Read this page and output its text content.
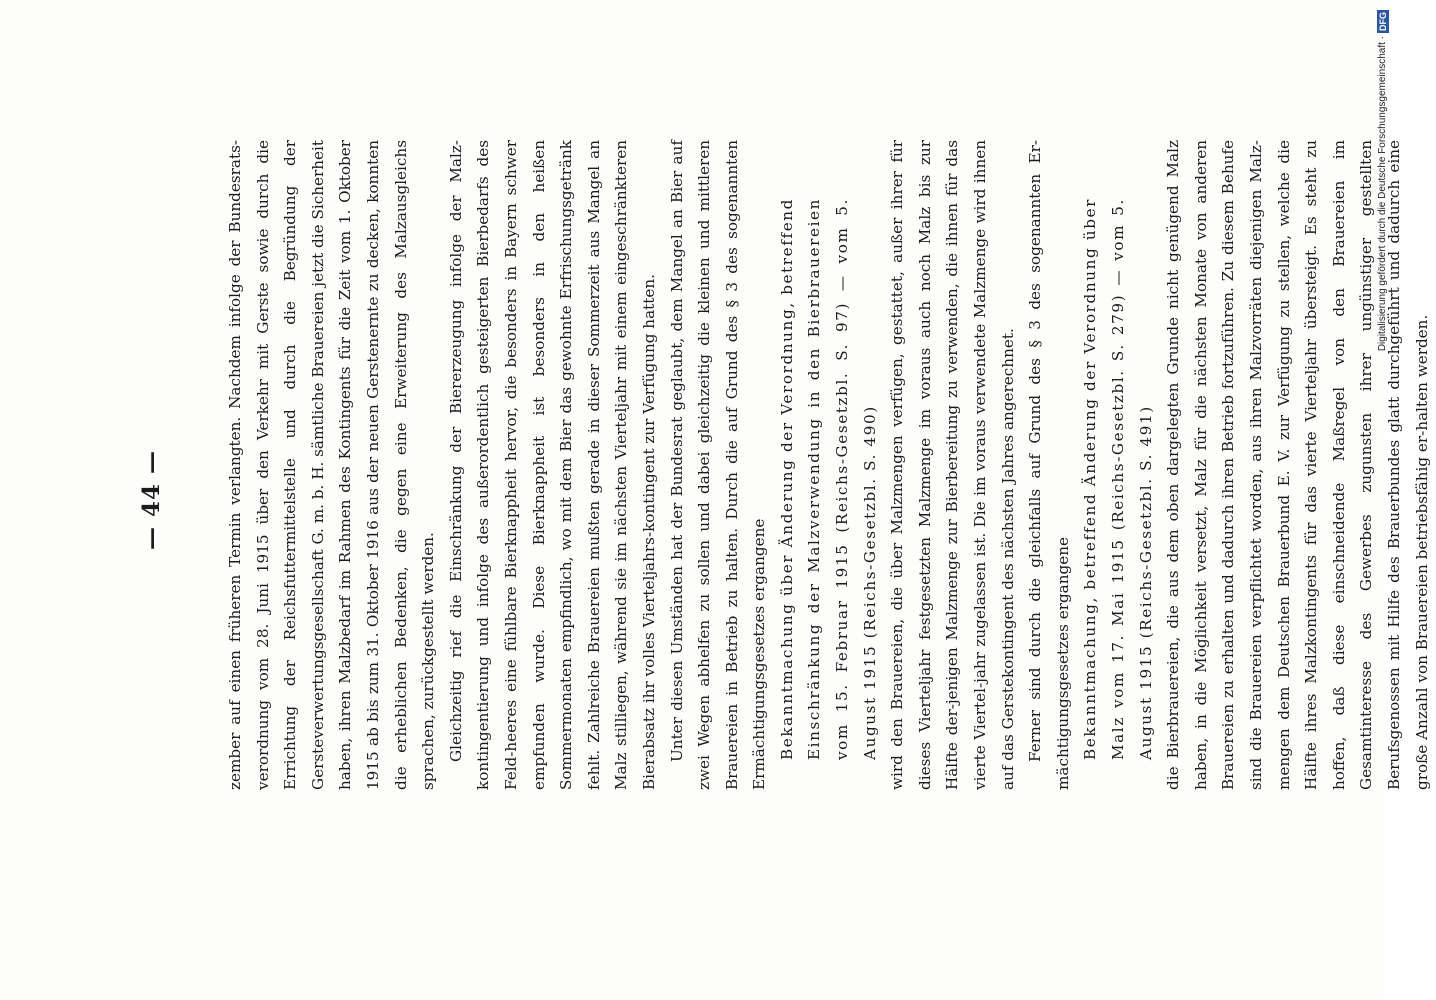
— 44 —	zember auf einen früheren Termin verlangten. Nachdem infolge der Bundesrats-verordnung vom 28. Juni 1915 über den Verkehr mit Gerste sowie durch die Errichtung der Reichsfuttermittelstelle und durch die Begründung der Gersteverwertungsgesellschaft G. m. b. H. sämtliche Brauereien jetzt die Sicherheit haben, ihren Malzbedarf im Rahmen des Kontingents für die Zeit vom 1. Oktober 1915 ab bis zum 31. Oktober 1916 aus der neuen Gerstenernte zu decken, konnten die erheblichen Bedenken, die gegen eine Erweiterung des Malzausgleichs sprachen, zurückgestellt werden. Gleichzeitig rief die Einschränkung der Biererzeugung infolge der Malz-kontingentierung und infolge des außerordentlich gesteigerten Bierbedarfs des Feld-heeres eine fühlbare Bierknappheit hervor, die besonders in Bayern schwer empfunden wurde. Diese Bierknappheit ist besonders in den heißen Sommermonaten empfindlich, wo mit dem Bier das gewohnte Erfrischungsgetränk fehlt. Zahlreiche Brauereien mußten gerade in dieser Sommerzeit aus Mangel an Malz stilliegen, während sie im nächsten Vierteljahr mit einem eingeschränkteren Bierabsatz ihr volles Vierteljahrs-kontingent zur Verfügung hatten. Unter diesen Umständen hat der Bundesrat geglaubt, dem Mangel an Bier auf zwei Wegen abhelfen zu sollen und dabei gleichzeitig die kleinen und mittleren Brauereien in Betrieb zu halten. Durch die auf Grund des § 3 des sogenannten Ermächtigungsgesetzes ergangene Bekanntmachung über Änderung der Verordnung, betreffend Einschränkung der Malzverwendung in den Bierbrauereien vom 15. Februar 1915 (Reichs-Gesetzbl. S. 97) — vom 5. August 1915 (Reichs-Gesetzbl. S. 490) wird den Brauereien, die über Malzmengen verfügen, gestattet, außer ihrer für dieses Vierteljahr festgesetzten Malzmenge im voraus auch noch Malz bis zur Hälfte der-jenigen Malzmenge zur Bierbereitung zu verwenden, die ihnen für das vierte Viertel-jahr zugelassen ist. Die im voraus verwendete Malzmenge wird ihnen auf das Gerstekontingent des nächsten Jahres angerechnet. Ferner sind durch die gleichfalls auf Grund des § 3 des sogenannten Er-mächtigungsgesetzes ergangene Bekanntmachung, betreffend Änderung der Verordnung über Malz vom 17. Mai 1915 (Reichs-Gesetzbl. S. 279) — vom 5. August 1915 (Reichs-Gesetzbl. S. 491) die Bierbrauereien, die aus dem oben dargelegten Grunde nicht genügend Malz haben, in die Möglichkeit versetzt, Malz für die nächsten Monate von anderen Brauereien zu erhalten und dadurch ihren Betrieb fortzuführen. Zu diesem Behufe sind die Brauereien verpflichtet worden, aus ihren Malzvorräten diejenigen Malz-mengen dem Deutschen Brauerbund E. V. zur Verfügung zu stellen, welche die Hälfte ihres Malzkontingents für das vierte Vierteljahr übersteigt. Es steht zu hoffen, daß diese einschneidende Maßregel von den Brauereien im Gesamtinteresse des Gewerbes zugunsten ihrer ungünstiger gestellten Berufsgenossen mit Hilfe des Brauerbundes glatt durchgeführt und dadurch eine große Anzahl von Brauereien betriebsfähig er-halten werden.

Digitalisierung gefördert durch die Deutsche Forschungsgemeinschaft ·
DFG
